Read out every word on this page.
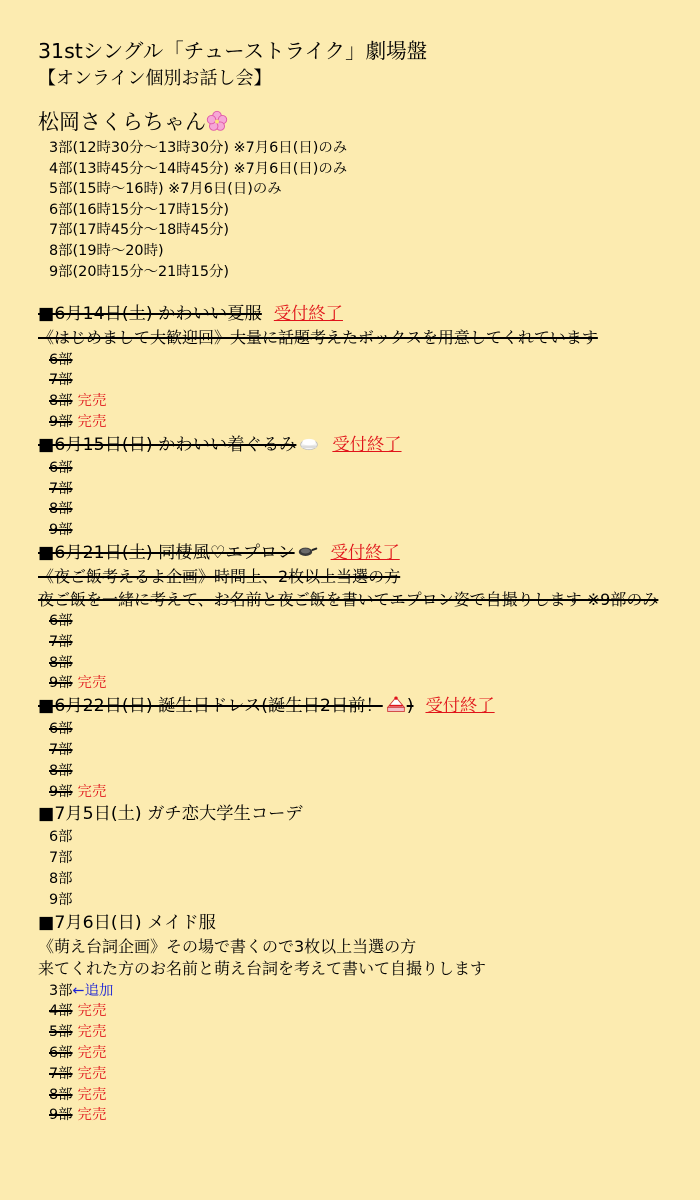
31stシングル「チューストライク」劇場盤
【オンライン個別お話し会】
松岡さくらちゃん
3部(12時30分〜13時30分) ※7月6日(日)のみ
4部(13時45分〜14時45分) ※7月6日(日)のみ
5部(15時〜16時) ※7月6日(日)のみ
6部(16時15分〜17時15分)
7部(17時45分〜18時45分)
8部(19時〜20時)
9部(20時15分〜21時15分)
■6月14日(土) かわいい夏服 受付終了
《はじめまして大歓迎回》大量に話題考えたボックスを用意してくれています
6部
7部
8部 完売
9部 完売
■6月15日(日) かわいい着ぐるみ 受付終了
6部
7部
8部
9部
■6月21日(土) 同棲風♡エプロン 受付終了
《夜ご飯考えるよ企画》時間上、2枚以上当選の方
夜ご飯を一緒に考えて、お名前と夜ご飯を書いてエプロン姿で自撮りします ※9部のみ
6部
7部
8部
9部 完売
■6月22日(日) 誕生日ドレス(誕生日2日前！ ) 受付終了
6部
7部
8部
9部 完売
■7月5日(土) ガチ恋大学生コーデ
6部
7部
8部
9部
■7月6日(日) メイド服
《萌え台詞企画》その場で書くので3枚以上当選の方
来てくれた方のお名前と萌え台詞を考えて書いて自撮りします
3部←追加
4部 完売
5部 完売
6部 完売
7部 完売
8部 完売
9部 完売
